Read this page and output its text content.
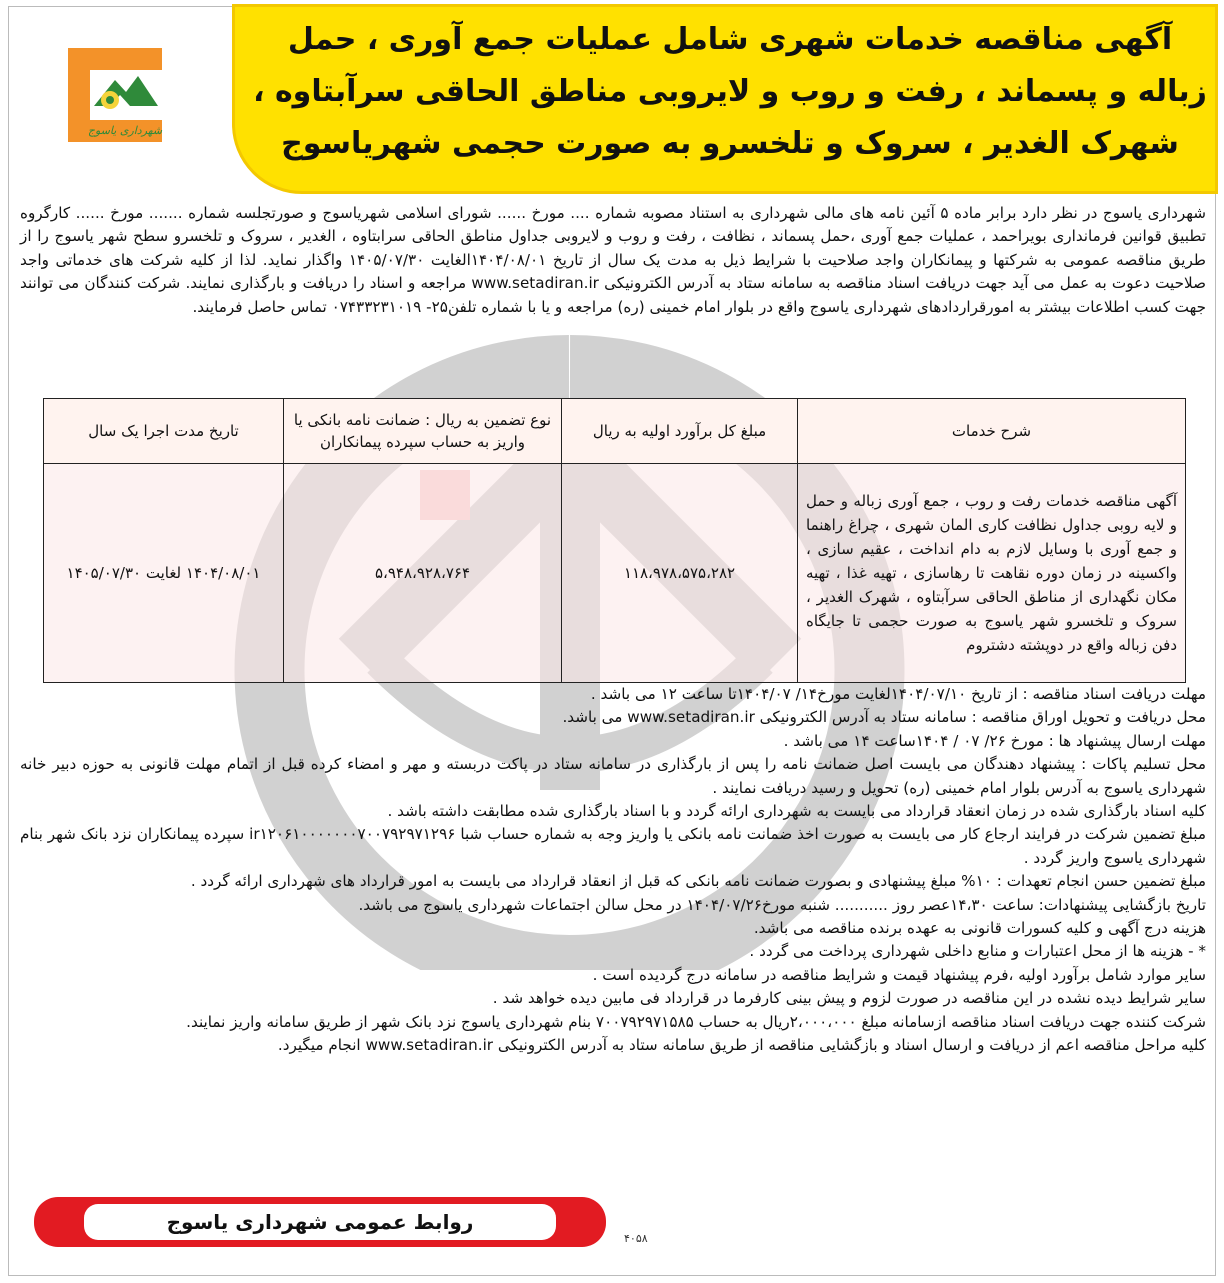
شهرداری یاسوج
آگهی مناقصه خدمات شهری شامل عملیات جمع آوری ، حمل زباله و پسماند ، رفت و روب و لایروبی مناطق الحاقی سرآبتاوه ، شهرک الغدیر ، سروک و تلخسرو به صورت حجمی شهریاسوج
شهرداری یاسوج در نظر دارد برابر ماده ۵ آئین نامه های مالی شهرداری به استناد مصوبه شماره .... مورخ ...... شورای اسلامی شهریاسوج و صورتجلسه شماره ....... مورخ ...... کارگروه تطبیق قوانین فرمانداری بویراحمد ، عملیات جمع آوری ،حمل پسماند ، نظافت ، رفت و روب و لایروبی جداول مناطق الحاقی سرابتاوه ، الغدیر ، سروک و تلخسرو سطح شهر یاسوج را از طریق مناقصه عمومی به شرکتها و پیمانکاران واجد صلاحیت با شرایط ذیل به مدت یک سال از تاریخ ۱۴۰۴/۰۸/۰۱الغایت ۱۴۰۵/۰۷/۳۰ واگذار نماید. لذا از کلیه شرکت های خدماتی واجد صلاحیت دعوت به عمل می آید جهت دریافت اسناد مناقصه به سامانه ستاد به آدرس الکترونیکی www.setadiran.ir مراجعه و اسناد را دریافت و بارگذاری نمایند. شرکت کنندگان می توانند جهت کسب اطلاعات بیشتر به امورقراردادهای شهرداری یاسوج واقع در بلوار امام خمینی (ره) مراجعه و یا با شماره تلفن۲۵- ۰۷۴۳۳۲۳۱۰۱۹ تماس حاصل فرمایند.
شرح خدمات	مبلغ کل برآورد اولیه به ریال	نوع تضمین به ریال : ضمانت نامه بانکی یا واریز به حساب سپرده پیمانکاران	تاریخ مدت اجرا یک سال
آگهی مناقصه خدمات رفت و روب ، جمع آوری زباله و حمل و لایه روبی جداول نظافت کاری المان شهری ، چراغ راهنما و جمع آوری با وسایل لازم به دام انداخت ، عقیم سازی ، واکسینه در زمان دوره نقاهت تا رهاسازی ، تهیه غذا ، تهیه مکان نگهداری از مناطق الحاقی سرآبتاوه ، شهرک الغدیر ، سروک و تلخسرو شهر یاسوج به صورت حجمی تا جایگاه دفن زباله واقع در دوپشته دشتروم	۱۱۸،۹۷۸،۵۷۵،۲۸۲	۵،۹۴۸،۹۲۸،۷۶۴	۱۴۰۴/۰۸/۰۱ لغایت ۱۴۰۵/۰۷/۳۰

مهلت دریافت اسناد مناقصه : از تاریخ ۱۴۰۴/۰۷/۱۰لغایت مورخ۱۴/ ۱۴۰۴/۰۷تا ساعت ۱۲ می باشد .

محل دریافت و تحویل اوراق مناقصه : سامانه ستاد به آدرس الکترونیکی www.setadiran.ir می باشد.

مهلت ارسال پیشنهاد ها : مورخ ۲۶/ ۰۷ / ۱۴۰۴ساعت ۱۴ می باشد .

محل تسلیم پاکات : پیشنهاد دهندگان می بایست اصل ضمانت نامه را پس از بارگذاری در سامانه ستاد در پاکت دربسته و مهر و امضاء کرده قبل از اتمام مهلت قانونی به حوزه دبیر خانه شهرداری یاسوج به آدرس بلوار امام خمینی (ره) تحویل و رسید دریافت نمایند .

کلیه اسناد بارگذاری شده در زمان انعقاد قرارداد می بایست به شهرداری ارائه گردد و با اسناد بارگذاری شده مطابقت داشته باشد .

مبلغ تضمین شرکت در فرایند ارجاع کار می بایست به صورت اخذ ضمانت نامه بانکی یا واریز وجه به شماره حساب شبا ir۱۲۰۶۱۰۰۰۰۰۰۰۷۰۰۷۹۲۹۷۱۲۹۶ سپرده پیمانکاران نزد بانک شهر بنام شهرداری یاسوج واریز گردد .

مبلغ تضمین حسن انجام تعهدات : ۱۰% مبلغ پیشنهادی و بصورت ضمانت نامه بانکی که قبل از انعقاد قرارداد می بایست به امور قرارداد های شهرداری ارائه گردد .

تاریخ بازگشایی پیشنهادات: ساعت ۱۴،۳۰عصر روز ........... شنبه مورخ۱۴۰۴/۰۷/۲۶ در محل سالن اجتماعات شهرداری یاسوج می باشد.

هزینه درج آگهی و کلیه کسورات قانونی به عهده برنده مناقصه می باشد.

* - هزینه ها از محل اعتبارات و منابع داخلی شهرداری پرداخت می گردد .

سایر موارد شامل برآورد اولیه ،فرم پیشنهاد قیمت و شرایط مناقصه در سامانه درج گردیده است .

سایر شرایط دیده نشده در این مناقصه در صورت لزوم و پیش بینی کارفرما در قرارداد فی مابین دیده خواهد شد .

شرکت کننده جهت دریافت اسناد مناقصه ازسامانه مبلغ ۲،۰۰۰،۰۰۰ریال به حساب ۷۰۰۷۹۲۹۷۱۵۸۵ بنام شهرداری یاسوج نزد بانک شهر از طریق سامانه واریز نمایند.

کلیه مراحل مناقصه اعم از دریافت و ارسال اسناد و بازگشایی مناقصه از طریق سامانه ستاد به آدرس الکترونیکی www.setadiran.ir انجام میگیرد.

روابط عمومی شهرداری یاسوج
۴۰۵۸
